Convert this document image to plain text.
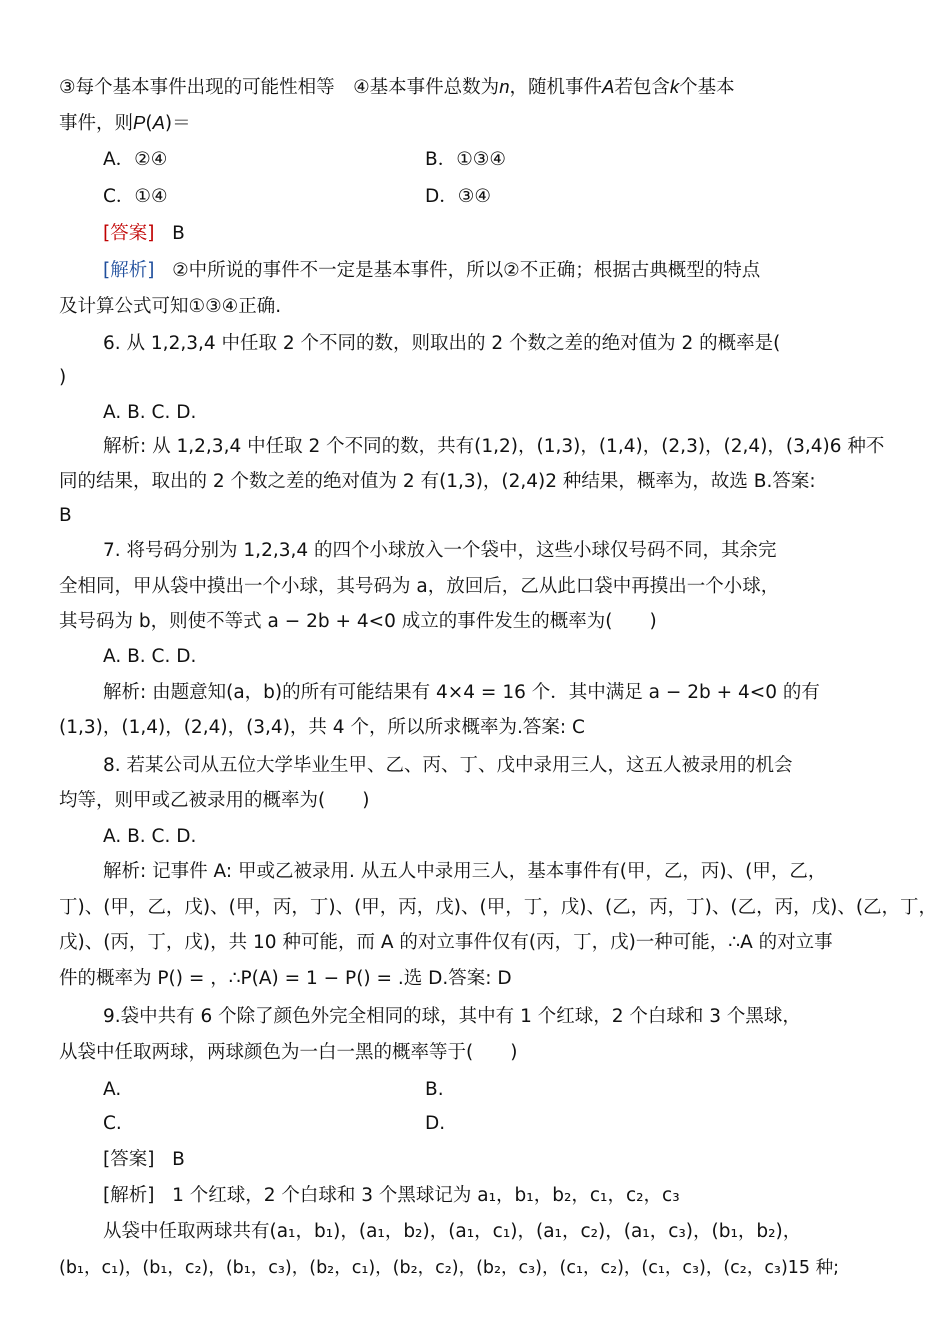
③每个基本事件出现的可能性相等　④基本事件总数为n，随机事件A若包含k个基本
事件，则P(A)＝
A．②④	B．①③④
C．①④	D．③④
[答案] B
[解析] ②中所说的事件不一定是基本事件，所以②不正确；根据古典概型的特点
及计算公式可知①③④正确.
6. 从 1,2,3,4 中任取 2 个不同的数，则取出的 2 个数之差的绝对值为 2 的概率是(
)
A. B. C. D.
解析: 从 1,2,3,4 中任取 2 个不同的数，共有(1,2)，(1,3)，(1,4)，(2,3)，(2,4)，(3,4)6 种不
同的结果，取出的 2 个数之差的绝对值为 2 有(1,3)，(2,4)2 种结果，概率为，故选 B.答案:
B
7. 将号码分别为 1,2,3,4 的四个小球放入一个袋中，这些小球仅号码不同，其余完
全相同，甲从袋中摸出一个小球，其号码为 a，放回后，乙从此口袋中再摸出一个小球，
其号码为 b，则使不等式 a − 2b + 4<0 成立的事件发生的概率为(　　)
A. B. C. D.
解析: 由题意知(a，b)的所有可能结果有 4×4 = 16 个．其中满足 a − 2b + 4<0 的有
(1,3)，(1,4)，(2,4)，(3,4)，共 4 个，所以所求概率为.答案: C
8. 若某公司从五位大学毕业生甲、乙、丙、丁、戊中录用三人，这五人被录用的机会
均等，则甲或乙被录用的概率为(　　)
A. B. C. D.
解析: 记事件 A: 甲或乙被录用. 从五人中录用三人，基本事件有(甲，乙，丙)、(甲，乙，
丁)、(甲，乙，戊)、(甲，丙，丁)、(甲，丙，戊)、(甲，丁，戊)、(乙，丙，丁)、(乙，丙，戊)、(乙，丁，
戊)、(丙，丁，戊)，共 10 种可能，而 A 的对立事件仅有(丙，丁，戊)一种可能，∴A 的对立事
件的概率为 P() = ，∴P(A) = 1 − P() = .选 D.答案: D
9.袋中共有 6 个除了颜色外完全相同的球，其中有 1 个红球，2 个白球和 3 个黑球，
从袋中任取两球，两球颜色为一白一黑的概率等于(　　)
A.	B.
C.	D.
[答案] B
[解析] 1 个红球，2 个白球和 3 个黑球记为 a₁，b₁，b₂，c₁，c₂，c₃
从袋中任取两球共有(a₁，b₁)，(a₁，b₂)，(a₁，c₁)，(a₁，c₂)，(a₁，c₃)，(b₁，b₂)，
(b₁，c₁)，(b₁，c₂)，(b₁，c₃)，(b₂，c₁)，(b₂，c₂)，(b₂，c₃)，(c₁，c₂)，(c₁，c₃)，(c₂，c₃)15 种;
